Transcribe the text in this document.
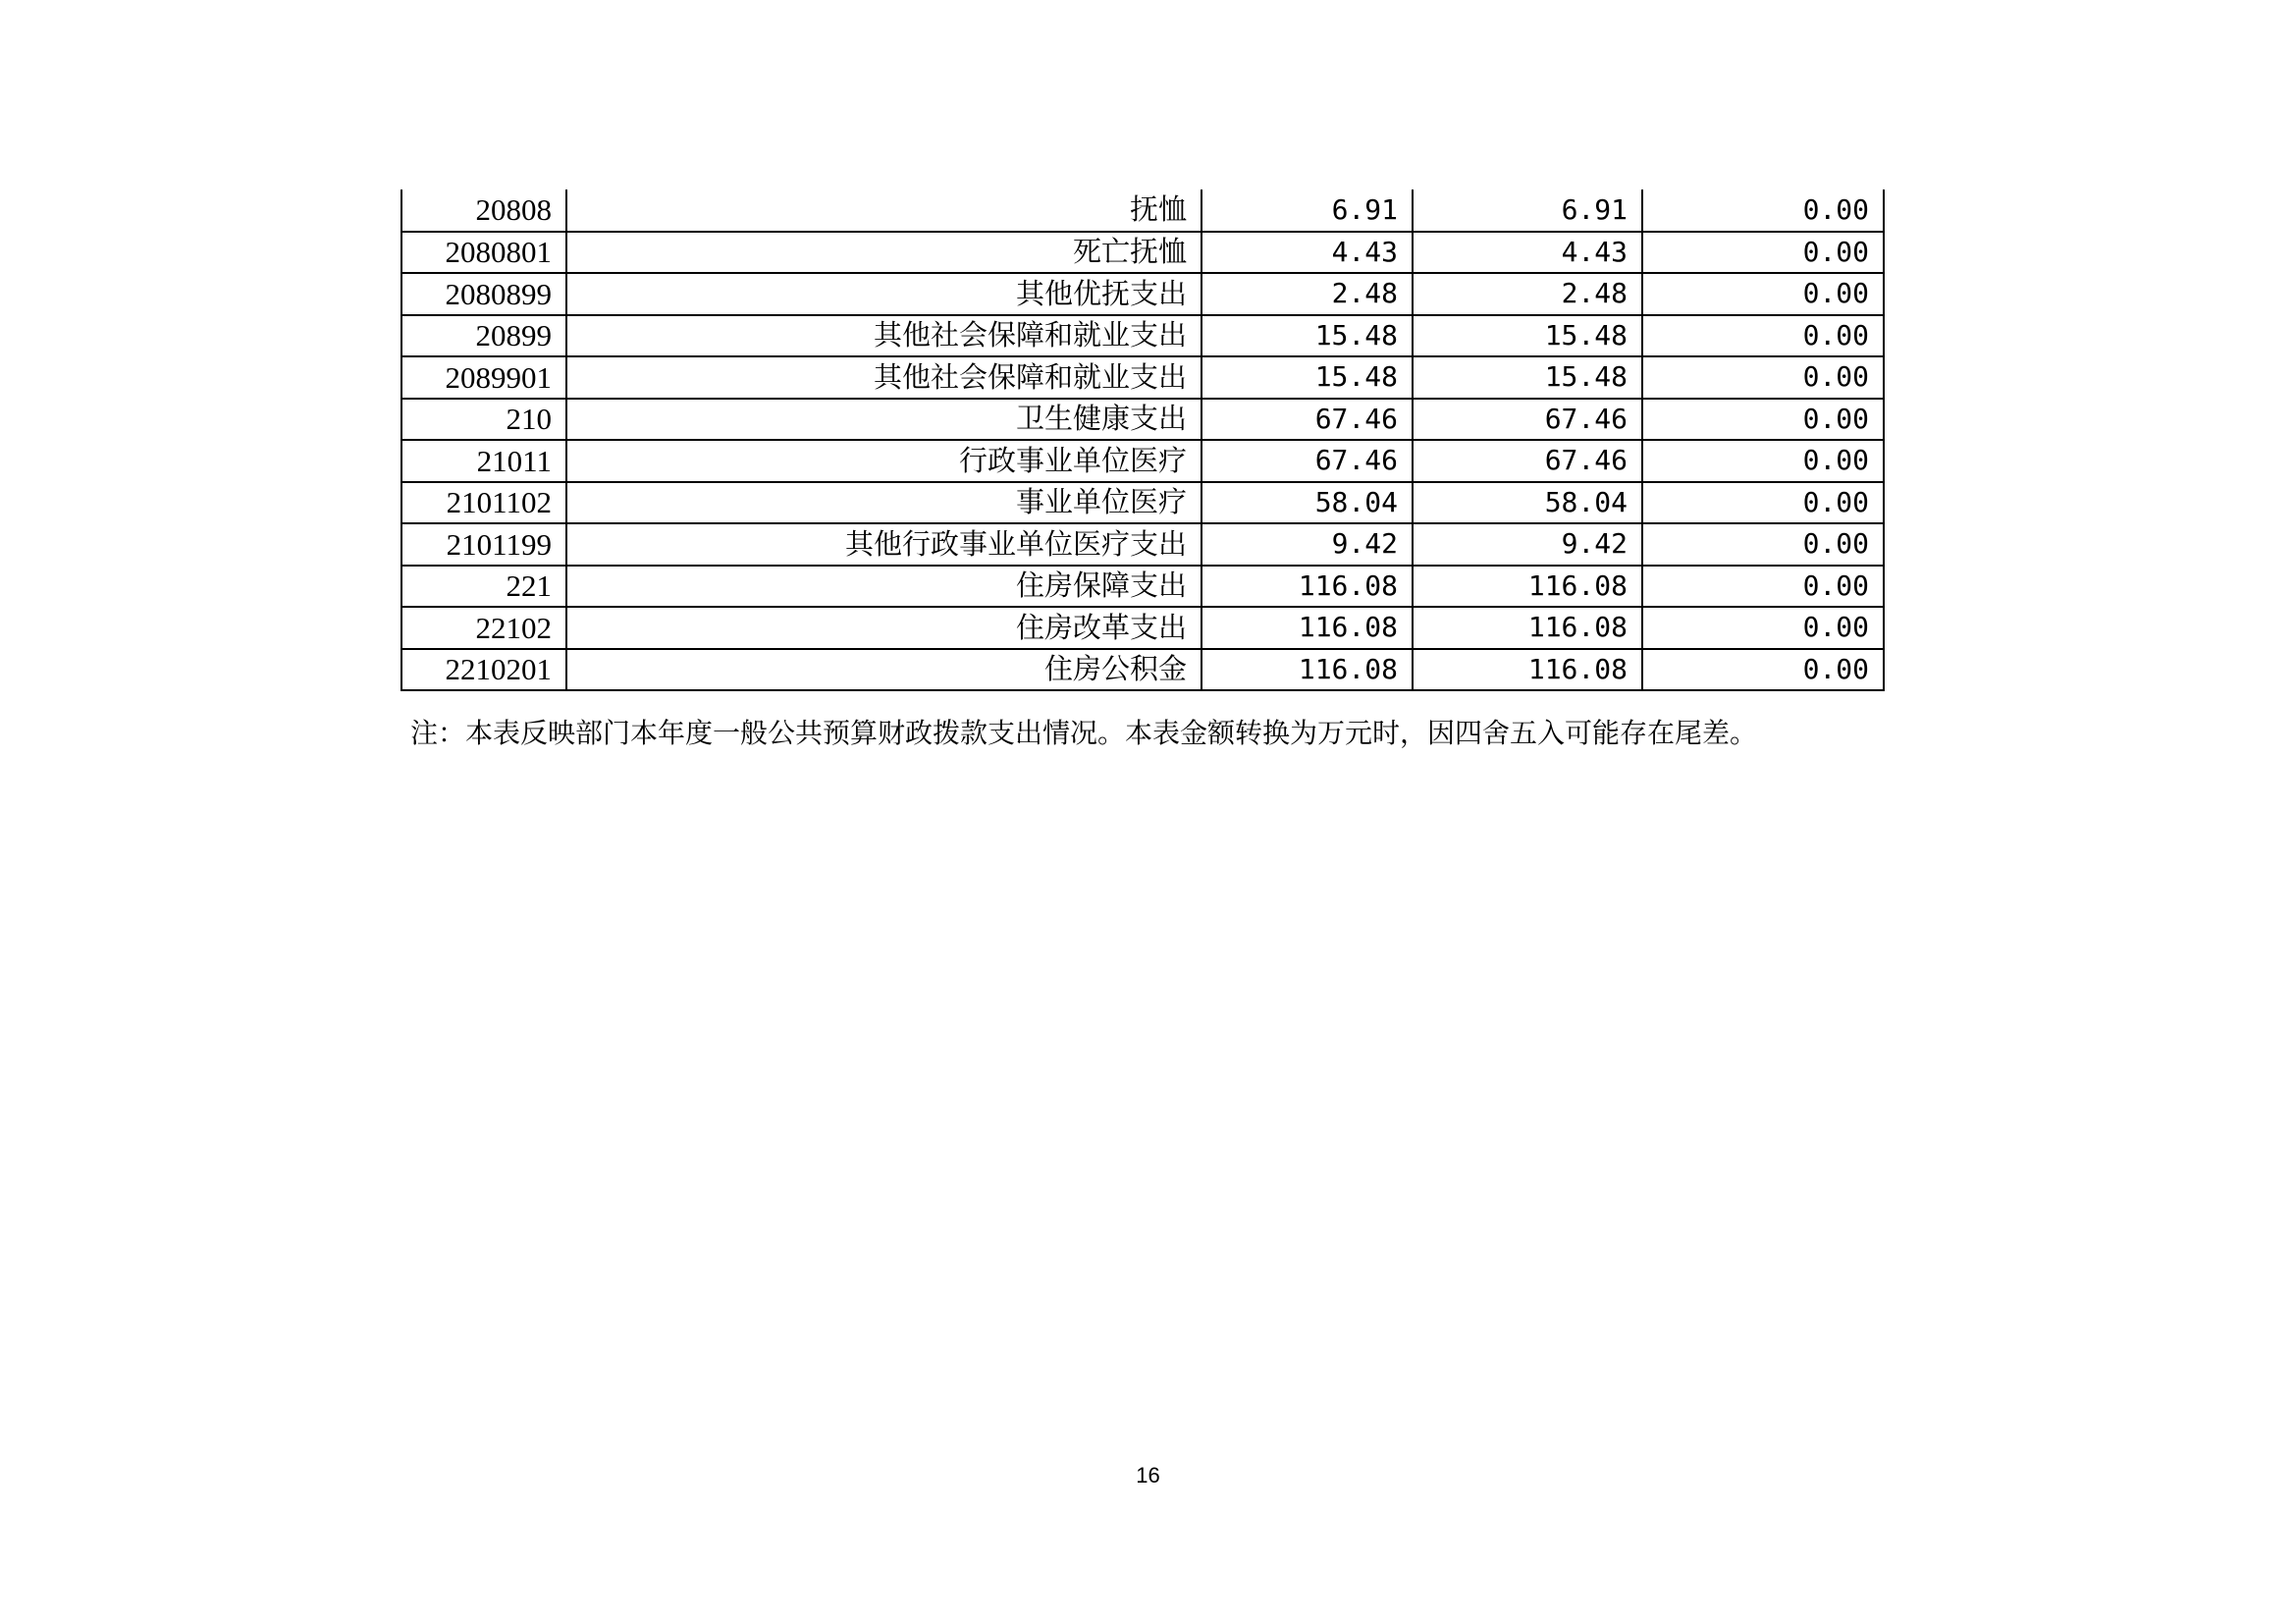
20808	抚恤	6.91	6.91	0.00
2080801	死亡抚恤	4.43	4.43	0.00
2080899	其他优抚支出	2.48	2.48	0.00
20899	其他社会保障和就业支出	15.48	15.48	0.00
2089901	其他社会保障和就业支出	15.48	15.48	0.00
210	卫生健康支出	67.46	67.46	0.00
21011	行政事业单位医疗	67.46	67.46	0.00
2101102	事业单位医疗	58.04	58.04	0.00
2101199	其他行政事业单位医疗支出	9.42	9.42	0.00
221	住房保障支出	116.08	116.08	0.00
22102	住房改革支出	116.08	116.08	0.00
2210201	住房公积金	116.08	116.08	0.00
注：本表反映部门本年度一般公共预算财政拨款支出情况。本表金额转换为万元时，因四舍五入可能存在尾差。
16
